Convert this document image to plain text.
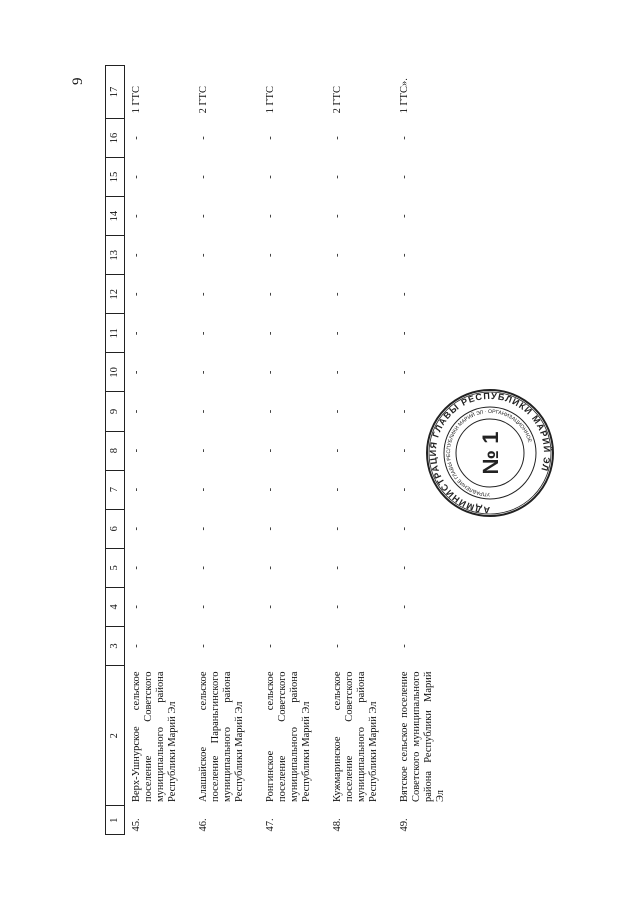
9
1	2	3	4	5	6	7	8	9	10	11	12	13	14	15	16	17
45.	Верх-Ушнурское сельское поселение Советского муниципального района Республики Марий Эл	-	-	-	-	-	-	-	-	-	-	-	-	-	-	1 ГТС
46.	Алашайское сельское поселение Параньгинского муниципального района Республики Марий Эл	-	-	-	-	-	-	-	-	-	-	-	-	-	-	2 ГТС
47.	Ронгинское сельское поселение Советского муниципального района Республики Марий Эл	-	-	-	-	-	-	-	-	-	-	-	-	-	-	1 ГТС
48.	Кужмаринское сельское поселение Советского муниципального района Республики Марий Эл	-	-	-	-	-	-	-	-	-	-	-	-	-	-	2 ГТС
49.	Вятское сельское поселение Советского муниципального района Республики Марий Эл	-	-	-	-	-	-	-	-	-	-	-	-	-	-	1 ГТС».
АДМИНИСТРАЦИЯ ГЛАВЫ РЕСПУБЛИКИ МАРИЙ ЭЛ
УПРАВЛЕНИЕ ГЛАВЫ РЕСПУБЛИКИ МАРИЙ ЭЛ · ОРГАНИЗАЦИОННОЕ
№ 1
